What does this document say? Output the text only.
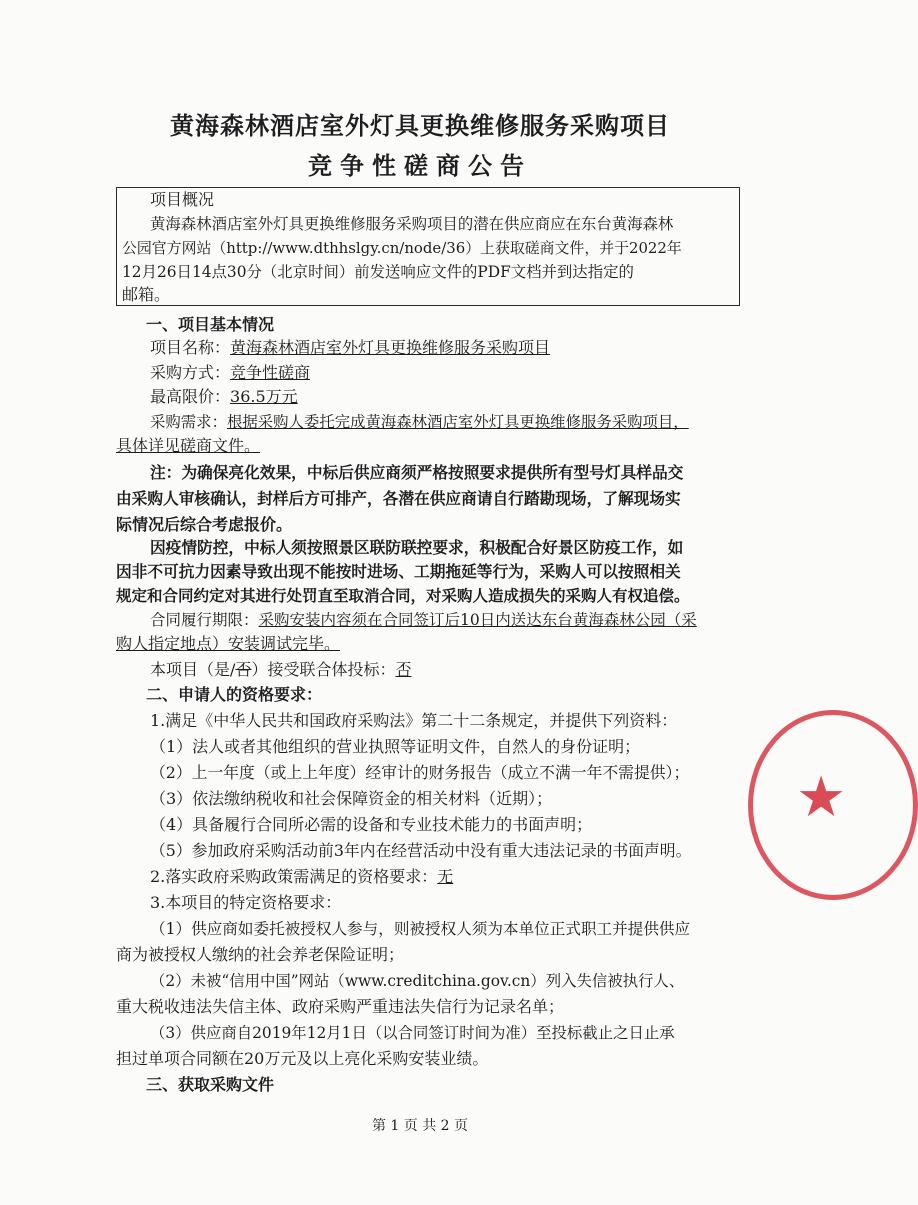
黄海森林酒店室外灯具更换维修服务采购项目
竞争性磋商公告
项目概况
黄海森林酒店室外灯具更换维修服务采购项目的潜在供应商应在东台黄海森林
公园官方网站（http://www.dthhslgy.cn/node/36）上获取磋商文件，并于2022年
12月26日14点30分（北京时间）前发送响应文件的PDF文档并到达指定的
邮箱。
一、项目基本情况
项目名称：黄海森林酒店室外灯具更换维修服务采购项目
采购方式：竞争性磋商
最高限价：36.5万元
采购需求：根据采购人委托完成黄海森林酒店室外灯具更换维修服务采购项目，
具体详见磋商文件。
注：为确保亮化效果，中标后供应商须严格按照要求提供所有型号灯具样品交
由采购人审核确认，封样后方可排产，各潜在供应商请自行踏勘现场，了解现场实
际情况后综合考虑报价。
因疫情防控，中标人须按照景区联防联控要求，积极配合好景区防疫工作，如
因非不可抗力因素导致出现不能按时进场、工期拖延等行为，采购人可以按照相关
规定和合同约定对其进行处罚直至取消合同，对采购人造成损失的采购人有权追偿。
合同履行期限：采购安装内容须在合同签订后10日内送达东台黄海森林公园（采
购人指定地点）安装调试完毕。
本项目（是/否）接受联合体投标：否
二、申请人的资格要求：
1.满足《中华人民共和国政府采购法》第二十二条规定，并提供下列资料：
（1）法人或者其他组织的营业执照等证明文件，自然人的身份证明；
（2）上一年度（或上上年度）经审计的财务报告（成立不满一年不需提供）；
（3）依法缴纳税收和社会保障资金的相关材料（近期）；
（4）具备履行合同所必需的设备和专业技术能力的书面声明；
（5）参加政府采购活动前3年内在经营活动中没有重大违法记录的书面声明。
2.落实政府采购政策需满足的资格要求：无
3.本项目的特定资格要求：
（1）供应商如委托被授权人参与，则被授权人须为本单位正式职工并提供供应
商为被授权人缴纳的社会养老保险证明；
（2）未被“信用中国”网站（www.creditchina.gov.cn）列入失信被执行人、
重大税收违法失信主体、政府采购严重违法失信行为记录名单；
（3）供应商自2019年12月1日（以合同签订时间为准）至投标截止之日止承
担过单项合同额在20万元及以上亮化采购安装业绩。
三、获取采购文件
第 1 页 共 2 页
★
